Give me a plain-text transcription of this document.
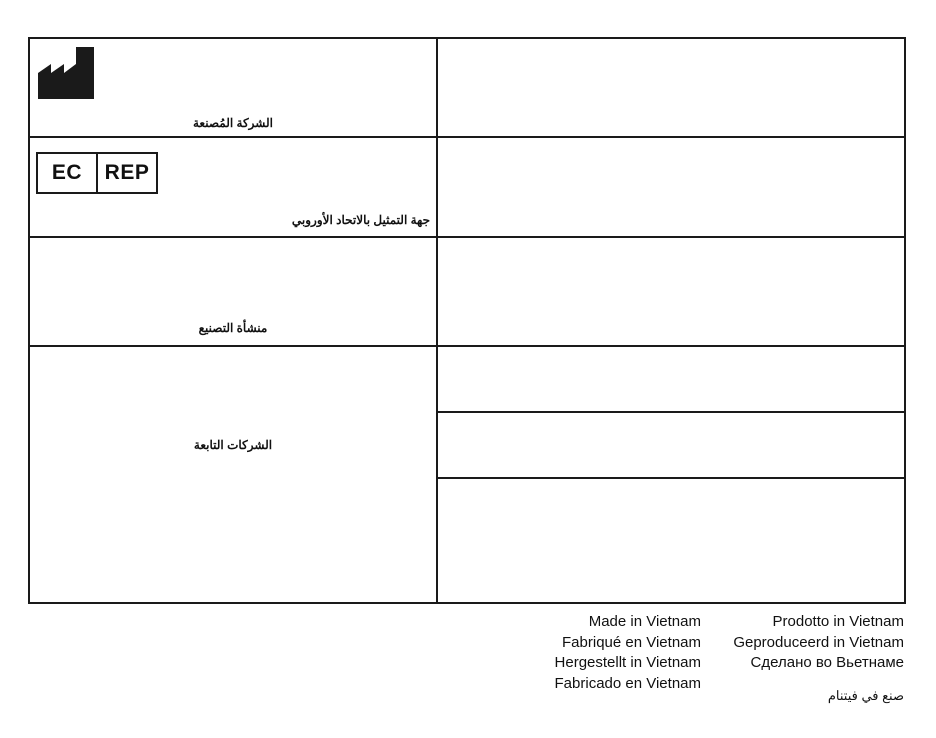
الشركة المُصنعة
EC	REP
جهة التمثيل بالاتحاد الأوروبي
منشأة التصنيع
الشركات التابعة
Made in Vietnam
Fabriqué en Vietnam
Hergestellt in Vietnam
Fabricado en Vietnam
Prodotto in Vietnam
Geproduceerd in Vietnam
Сделано во Вьетнаме
صنع في فيتنام
